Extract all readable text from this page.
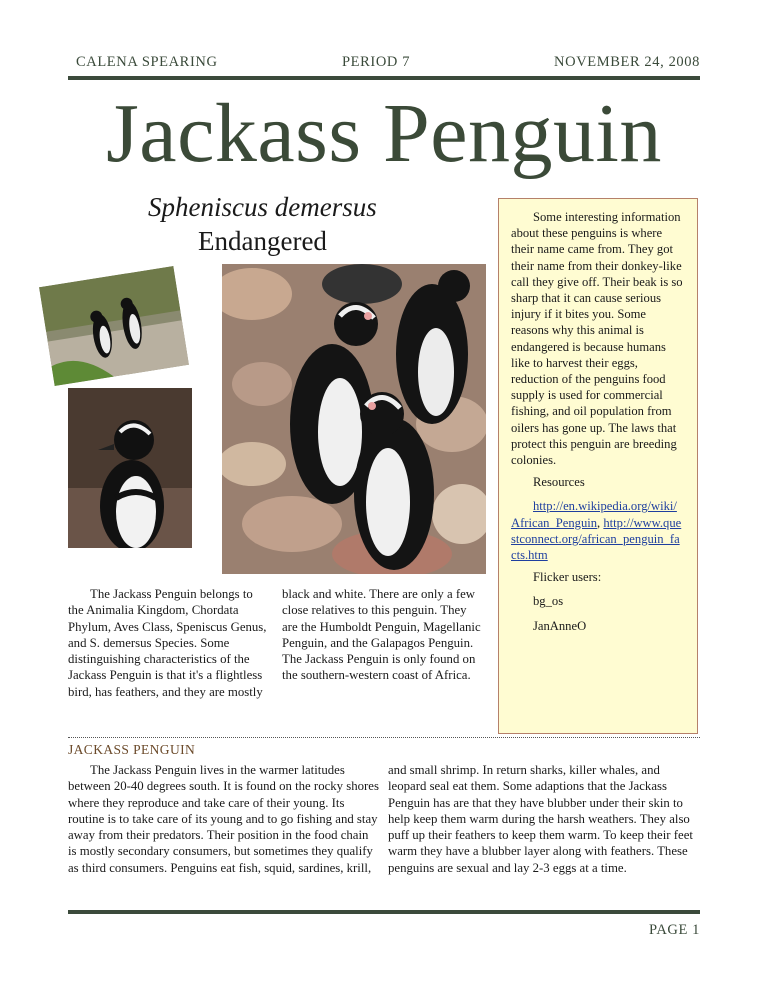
CALENA SPEARING	PERIOD 7	NOVEMBER 24, 2008
Jackass Penguin
Spheniscus demersus
Endangered

The Jackass Penguin belongs to the Animalia Kingdom, Chordata Phylum, Aves Class, Speniscus Genus, and S. demersus Species. Some distinguishing characteristics of the Jackass Penguin is that it's a flightless bird, has feathers, and they are mostly

black and white. There are only a few close relatives to this penguin. They are the Humboldt Penguin, Magellanic Penguin, and the Galapagos Penguin. The Jackass Penguin is only found on the southern-western coast of Africa.

Some interesting information about these penguins is where their name came from. They got their name from their donkey-like call they give off. Their beak is so sharp that it can cause serious injury if it bites you. Some reasons why this animal is endangered is because humans like to harvest their eggs, reduction of the penguins food supply is used for commercial fishing, and oil population from oilers has gone up. The laws that protect this penguin are breeding colonies.

Resources

http://en.wikipedia.org/wiki/African_Penguin, http://www.questconnect.org/african_penguin_facts.htm

Flicker users:

bg_os

JanAnneO

JACKASS PENGUIN

The Jackass Penguin lives in the warmer latitudes between 20-40 degrees south. It is found on the rocky shores where they reproduce and take care of their young. Its routine is to take care of its young and to go fishing and stay away from their predators. Their position in the food chain is mostly secondary consumers, but sometimes they qualify as third consumers. Penguins eat fish, squid, sardines, krill,

and small shrimp. In return sharks, killer whales, and leopard seal eat them. Some adaptions that the Jackass Penguin has are that they have blubber under their skin to help keep them warm during the harsh weathers. They also puff up their feathers to keep them warm. To keep their feet warm they have a blubber layer along with feathers. These penguins are sexual and lay 2-3 eggs at a time.

PAGE 1
